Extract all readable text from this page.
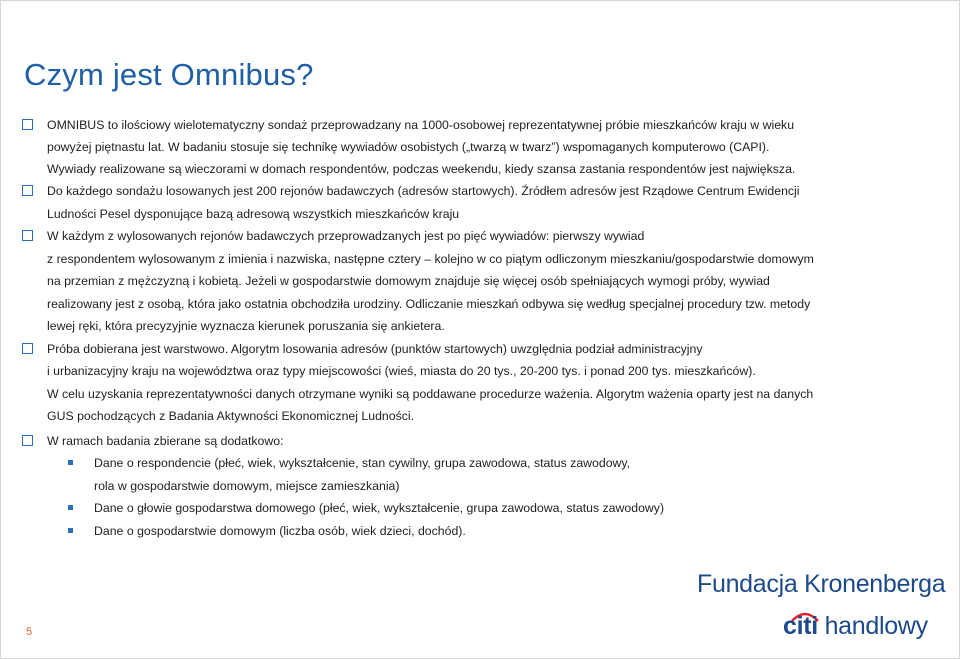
Czym jest Omnibus?
OMNIBUS to ilościowy wielotematyczny sondaż przeprowadzany na 1000-osobowej reprezentatywnej próbie mieszkańców kraju w wieku
powyżej piętnastu lat. W badaniu stosuje się technikę wywiadów osobistych („twarzą w twarz”) wspomaganych komputerowo (CAPI).
Wywiady realizowane są wieczorami w domach respondentów, podczas weekendu, kiedy szansa zastania respondentów jest największa.
Do każdego sondażu losowanych jest 200 rejonów badawczych (adresów startowych). Źródłem adresów jest Rządowe Centrum Ewidencji
Ludności Pesel dysponujące bazą adresową wszystkich mieszkańców kraju
W każdym z wylosowanych rejonów badawczych przeprowadzanych jest po pięć wywiadów: pierwszy wywiad
z respondentem wylosowanym z imienia i nazwiska, następne cztery – kolejno w co piątym odliczonym mieszkaniu/gospodarstwie domowym
na przemian z mężczyzną i kobietą. Jeżeli w gospodarstwie domowym znajduje się więcej osób spełniających wymogi próby, wywiad
realizowany jest z osobą, która jako ostatnia obchodziła urodziny. Odliczanie mieszkań odbywa się według specjalnej procedury tzw. metody
lewej ręki, która precyzyjnie wyznacza kierunek poruszania się ankietera.
Próba dobierana jest warstwowo. Algorytm losowania adresów (punktów startowych) uwzględnia podział administracyjny
i urbanizacyjny kraju na województwa oraz typy miejscowości (wieś, miasta do 20 tys., 20-200 tys. i ponad 200 tys. mieszkańców).
W celu uzyskania reprezentatywności danych otrzymane wyniki są poddawane procedurze ważenia. Algorytm ważenia oparty jest na danych
GUS pochodzących z Badania Aktywności Ekonomicznej Ludności.
W ramach badania zbierane są dodatkowo:
Dane o respondencie (płeć, wiek, wykształcenie, stan cywilny, grupa zawodowa, status zawodowy,
rola w gospodarstwie domowym, miejsce zamieszkania)
Dane o głowie gospodarstwa domowego (płeć, wiek, wykształcenie, grupa zawodowa, status zawodowy)
Dane o gospodarstwie domowym (liczba osób, wiek dzieci, dochód).
5
Fundacja Kronenberga
citi handlowy
